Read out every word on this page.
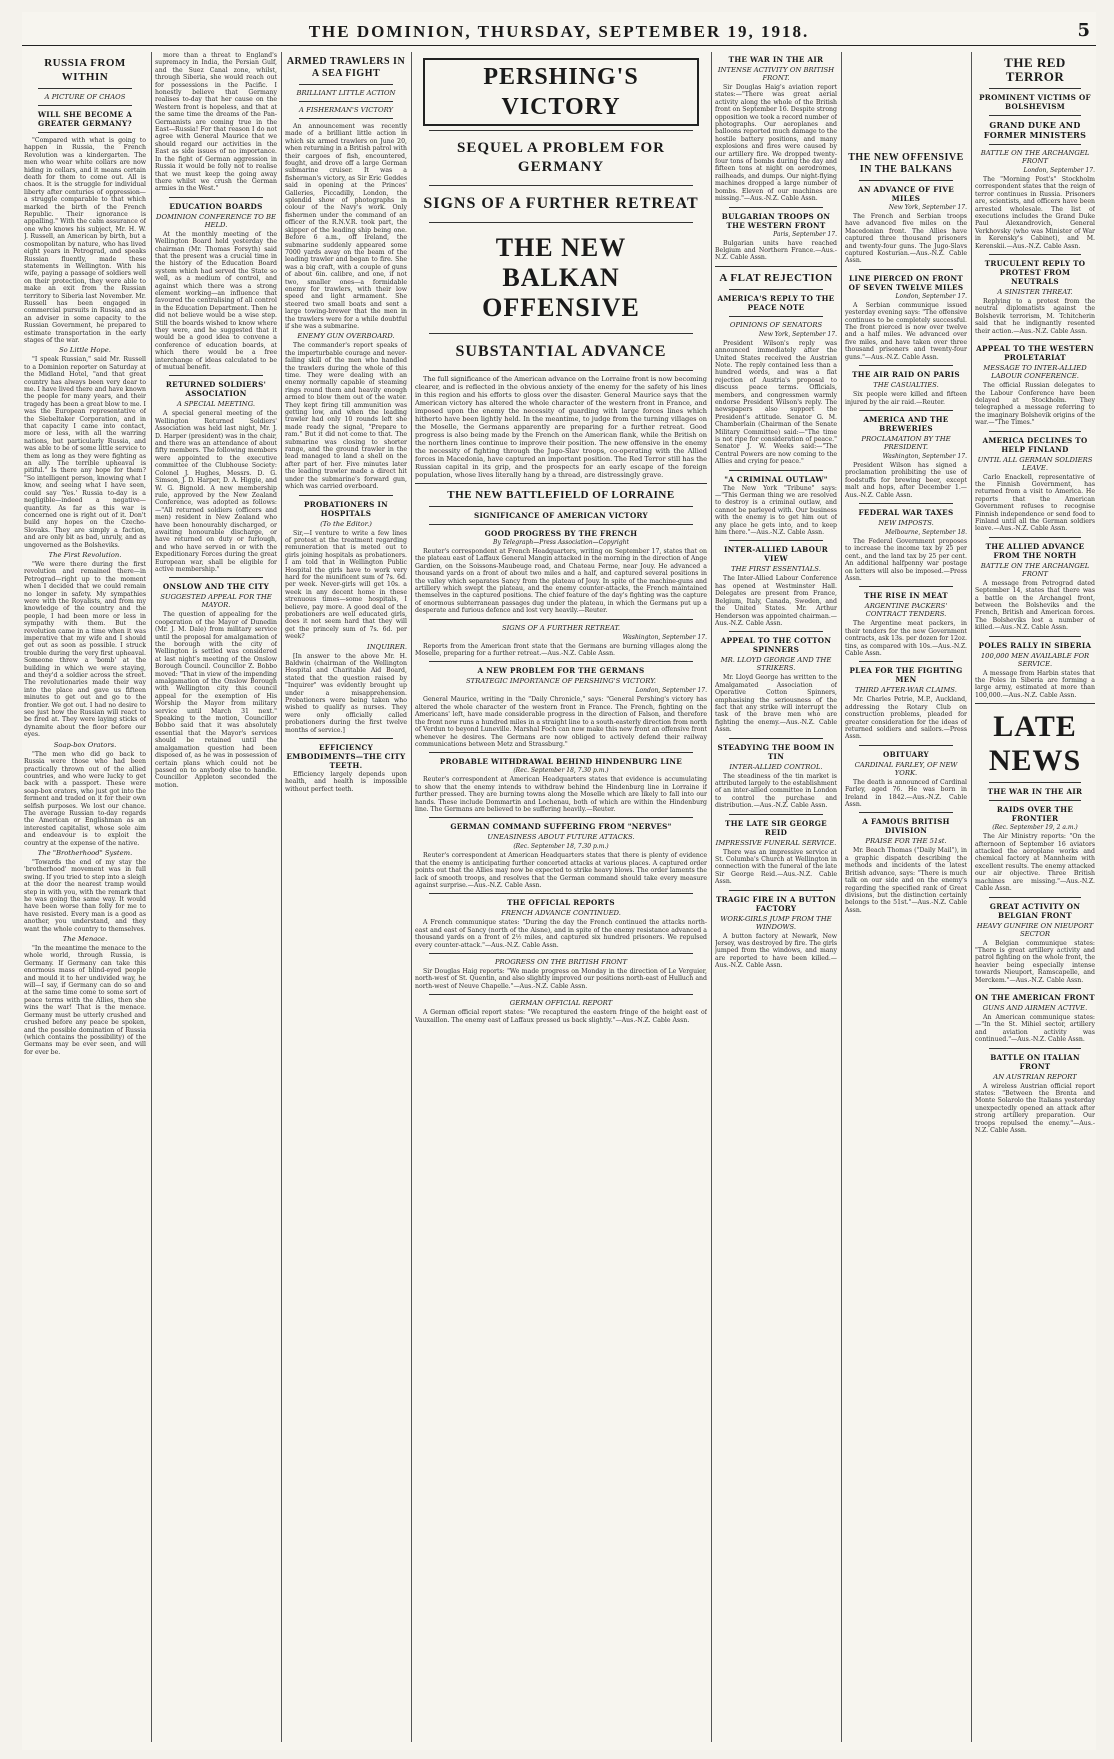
THE DOMINION, THURSDAY, SEPTEMBER 19, 1918.	5
RUSSIA FROM WITHIN
A PICTURE OF CHAOS
WILL SHE BECOME A GREATER GERMANY?

"Compared with what is going to happen in Russia, the French Revolution was a kindergarten. The men who wear white collars are now hiding in cellars, and it means certain death for them to come out. All is chaos. It is the struggle for individual liberty after centuries of oppression—a struggle comparable to that which marked the birth of the French Republic. Their ignorance is appalling." With the calm assurance of one who knows his subject, Mr. H. W. J. Russell, an American by birth, but a cosmopolitan by nature, who has lived eight years in Petrograd, and speaks Russian fluently, made these statements in Wellington. With his wife, paying a passage of soldiers well on their protection, they were able to make an exit from the Russian territory to Siberia last November. Mr. Russell has been engaged in commercial pursuits in Russia, and as an adviser in some capacity to the Russian Government, he prepared to estimate transportation in the early stages of the war.

So Little Hope.

"I speak Russian," said Mr. Russell to a Dominion reporter on Saturday at the Midland Hotel, "and that great country has always been very dear to me. I have lived there and have known the people for many years, and their tragedy has been a great blow to me. I was the European representative of the Siebeltaker Corporation, and in that capacity I came into contact, more or less, with all the warring nations, but particularly Russia, and was able to be of some little service to them as long as they were fighting as an ally. The terrible upheaval is pitiful." Is there any hope for them? "So intelligent person, knowing what I know, and seeing what I have seen, could say 'Yes.' Russia to-day is a negligible—indeed a negative—quantity. As far as this war is concerned one is right out of it. Don't build any hopes on the Czecho-Slovaks. They are simply a faction, and are only bit as bad, unruly, and as ungoverned as the Bolsheviks.

The First Revolution.

"We were there during the first revolution and remained there—in Petrograd—right up to the moment when I decided that we could remain no longer in safety. My sympathies were with the Royalists, and from my knowledge of the country and the people, I had been more or less in sympathy with them. But the revolution came in a time when it was imperative that my wife and I should get out as soon as possible. I struck trouble during the very first upheaval. Someone threw a 'bomb' at the building in which we were staying, and they'd a soldier across the street. The revolutionaries made their way into the place and gave us fifteen minutes to get out and go to the frontier. We got out. I had no desire to see just how the Russian will react to be fired at. They were laying sticks of dynamite about the floor before our eyes.

Soap-box Orators.

"The men who did go back to Russia were those who had been practically thrown out of the allied countries, and who were lucky to get back with a passport. These were soap-box orators, who just got into the ferment and traded on it for their own selfish purposes. We lost our chance. The average Russian to-day regards the American or Englishman as an interested capitalist, whose sole aim and endeavour is to exploit the country at the expense of the native.

The "Brotherhood" System.

"Towards the end of my stay the 'brotherhood' movement was in full swing. If you tried to step into a sleigh at the door the nearest tramp would step in with you, with the remark that he was going the same way. It would have been worse than folly for me to have resisted. Every man is a good as another, you understand, and they want the whole country to themselves.

The Menace.

"In the meantime the menace to the whole world, through Russia, is Germany. If Germany can take this enormous mass of blind-eyed people and mould it to her undivided way, he will—I say, if Germany can do so and at the same time come to some sort of peace terms with the Allies, then she wins the war! That is the menace. Germany must be utterly crushed and crushed before any peace be spoken, and the possible domination of Russia (which contains the possibility) of the Germans may be ever seen, and will for ever be.

more than a threat to England's supremacy in India, the Persian Gulf, and the Suez Canal zone, whilst, through Siberia, she would reach out for possessions in the Pacific. I honestly believe that Germany realises to-day that her cause on the Western front is hopeless, and that at the same time the dreams of the Pan-Germanists are coming true in the East—Russia! For that reason I do not agree with General Maurice that we should regard our activities in the East as side issues of no importance. In the fight of German aggression in Russia it would be folly not to realise that we must keep the going away there whilst we crush the German armies in the West."

EDUCATION BOARDS
DOMINION CONFERENCE TO BE HELD.

At the monthly meeting of the Wellington Board held yesterday the chairman (Mr. Thomas Forsyth) said that the present was a crucial time in the history of the Education Board system which had served the State so well, as a medium of control, and against which there was a strong element working—an influence that favoured the centralising of all control in the Education Department. Then he did not believe would be a wise step. Still the boards wished to know where they were, and he suggested that it would be a good idea to convene a conference of education boards, at which there would be a free interchange of ideas calculated to be of mutual benefit.

RETURNED SOLDIERS' ASSOCIATION
A SPECIAL MEETING.

A special general meeting of the Wellington Returned Soldiers' Association was held last night, Mr. J. D. Harper (president) was in the chair, and there was an attendance of about fifty members. The following members were appointed to the executive committee of the Clubhouse Society: Colonel J. Hughes, Messrs. D. G. Simson, J. D. Harper, D. A. Higgie, and W. G. Bignold. A new membership rule, approved by the New Zealand Conference, was adopted as follows:—"All returned soldiers (officers and men) resident in New Zealand who have been honourably discharged, or awaiting honourable discharge, or have returned on duty or furlough, and who have served in or with the Expeditionary Forces during the great European war, shall be eligible for active membership."

ONSLOW AND THE CITY
SUGGESTED APPEAL FOR THE MAYOR.

The question of appealing for the cooperation of the Mayor of Dunedin (Mr. J. M. Dale) from military service until the proposal for amalgamation of the borough with the city of Wellington is settled was considered at last night's meeting of the Onslow Borough Council. Councillor Z. Bobbo moved: "That in view of the impending amalgamation of the Onslow Borough with Wellington city this council appeal for the exemption of His Worship the Mayor from military service until March 31 next." Speaking to the motion, Councillor Bobbo said that it was absolutely essential that the Mayor's services should be retained until the amalgamation question had been disposed of, as he was in possession of certain plans which could not be passed on to anybody else to handle. Councillor Appleton seconded the motion.

ARMED TRAWLERS IN A SEA FIGHT
BRILLIANT LITTLE ACTION
A FISHERMAN'S VICTORY

An announcement was recently made of a brilliant little action in which six armed trawlers on June 20, when returning in a British patrol with their cargoes of fish, encountered, fought, and drove off a large German submarine cruiser. It was a fisherman's victory, as Sir Eric Geddes said in opening at the Princes' Galleries, Piccadilly, London, the splendid show of photographs in colour of the Navy's work. Only fishermen under the command of an officer of the R.N.V.R. took part, the skipper of the leading ship being one. Before 6 a.m., off Ireland, the submarine suddenly appeared some 7000 yards away on the beam of the leading trawler and began to fire. She was a big craft, with a couple of guns of about 6in. calibre, and one, if not two, smaller ones—a formidable enemy for trawlers, with their low speed and light armament. She steered two small boats and sent a large towing-brewer that the men in the trawlers were for a while doubtful if she was a submarine.

ENEMY GUN OVERBOARD.

The commander's report speaks of the imperturbable courage and never-failing skill of the men who handled the trawlers during the whole of this time. They were dealing with an enemy normally capable of steaming rings round them and heavily enough armed to blow them out of the water. They kept firing till ammunition was getting low, and when the leading trawler had only 10 rounds left she made ready the signal, "Prepare to ram." But it did not come to that. The submarine was closing to shorter range, and the ground trawler in the lead managed to land a shell on the after part of her. Five minutes later the leading trawler made a direct hit under the submarine's forward gun, which was carried overboard.

PROBATIONERS IN HOSPITALS
(To the Editor.)

Sir,—I venture to write a few lines of protest at the treatment regarding remuneration that is meted out to girls joining hospitals as probationers. I am told that in Wellington Public Hospital the girls have to work very hard for the munificent sum of 7s. 6d. per week. Never-girls will get 10s. a week in any decent home in these strenuous times—some hospitals, I believe, pay more. A good deal of the probationers are well educated girls, does it not seem hard that they will get the princely sum of 7s. 6d. per week?

INQUIRER.

[In answer to the above Mr. H. Baldwin (chairman of the Wellington Hospital and Charitable Aid Board, stated that the question raised by "Inquirer" was evidently brought up under a misapprehension. Probationers were being taken who wished to qualify as nurses. They were only officially called probationers during the first twelve months of service.]

EFFICIENCY EMBODIMENTS—THE CITY TEETH.

Efficiency largely depends upon health, and health is impossible without perfect teeth.

PERSHING'S VICTORY
SEQUEL A PROBLEM FOR GERMANY
SIGNS OF A FURTHER RETREAT
THE NEW BALKAN OFFENSIVE
SUBSTANTIAL ADVANCE

The full significance of the American advance on the Lorraine front is now becoming clearer, and is reflected in the obvious anxiety of the enemy for the safety of his lines in this region and his efforts to gloss over the disaster. General Maurice says that the American victory has altered the whole character of the western front in France, and imposed upon the enemy the necessity of guarding with large forces lines which hitherto have been lightly held. In the meantime, to judge from the turning villages on the Moselle, the Germans apparently are preparing for a further retreat. Good progress is also being made by the French on the American flank, while the British on the northern lines continue to improve their position. The new offensive in the enemy the necessity of fighting through the Jugo-Slav troops, co-operating with the Allied forces in Macedonia, have captured an important position. The Red Terror still has the Russian capital in its grip, and the prospects for an early escape of the foreign population, whose lives literally hang by a thread, are distressingly grave.

THE NEW BATTLEFIELD OF LORRAINE
SIGNIFICANCE OF AMERICAN VICTORY
GOOD PROGRESS BY THE FRENCH
By Telegraph—Press Association—Copyright

Reuter's correspondent at French Headquarters, writing on September 17, states that on the plateau east of Laffaux General Mangin attacked in the morning in the direction of Ange Gardien, on the Soissons-Maubeuge road, and Chateau Ferme, near Jouy. He advanced a thousand yards on a front of about two miles and a half, and captured several positions in the valley which separates Sancy from the plateau of Jouy. In spite of the machine-guns and artillery which swept the plateau, and the enemy counter-attacks, the French maintained themselves in the captured positions. The chief feature of the day's fighting was the capture of enormous subterranean passages dug under the plateau, in which the Germans put up a desperate and furious defence and lost very heavily.—Reuter.

SIGNS OF A FURTHER RETREAT.
Washington, September 17.

Reports from the American front state that the Germans are burning villages along the Moselle, preparing for a further retreat.—Aus.-N.Z. Cable Assn.

A NEW PROBLEM FOR THE GERMANS
STRATEGIC IMPORTANCE OF PERSHING'S VICTORY.
London, September 17.

General Maurice, writing in the "Daily Chronicle," says: "General Pershing's victory has altered the whole character of the western front in France. The French, fighting on the Americans' left, have made considerable progress in the direction of Falson, and therefore the front now runs a hundred miles in a straight line to a south-easterly direction from north of Verdun to beyond Luneville. Marshal Foch can now make this new front an offensive front whenever he desires. The Germans are now obliged to actively defend their railway communications between Metz and Strassburg."

PROBABLE WITHDRAWAL BEHIND HINDENBURG LINE
(Rec. September 18, 7.30 p.m.)

Reuter's correspondent at American Headquarters states that evidence is accumulating to show that the enemy intends to withdraw behind the Hindenburg line in Lorraine if further pressed. They are burning towns along the Moselle which are likely to fall into our hands. These include Dommartin and Lochenau, both of which are within the Hindenburg line. The Germans are believed to be suffering heavily.—Reuter.

GERMAN COMMAND SUFFERING FROM "NERVES"
UNEASINESS ABOUT FUTURE ATTACKS.
(Rec. September 18, 7.30 p.m.)

Reuter's correspondent at American Headquarters states that there is plenty of evidence that the enemy is anticipating further concerted attacks at various places. A captured order points out that the Allies may now be expected to strike heavy blows. The order laments the lack of smooth troops, and resolves that the German command should take every measure against surprise.—Aus.-N.Z. Cable Assn.

THE OFFICIAL REPORTS
FRENCH ADVANCE CONTINUED.

A French communique states: "During the day the French continued the attacks north-east and east of Sancy (north of the Aisne), and in spite of the enemy resistance advanced a thousand yards on a front of 2½ miles, and captured six hundred prisoners. We repulsed every counter-attack."—Aus.-N.Z. Cable Assn.

PROGRESS ON THE BRITISH FRONT

Sir Douglas Haig reports: "We made progress on Monday in the direction of Le Verguier, north-west of St. Quentin, and also slightly improved our positions north-east of Hulluch and north-west of Neuve Chapelle."—Aus.-N.Z. Cable Assn.

GERMAN OFFICIAL REPORT

A German official report states: "We recaptured the eastern fringe of the height east of Vauxaillon. The enemy east of Laffaux pressed us back slightly."—Aus.-N.Z. Cable Assn.

THE WAR IN THE AIR
INTENSE ACTIVITY ON BRITISH FRONT.

Sir Douglas Haig's aviation report states:—"There was great aerial activity along the whole of the British front on September 16. Despite strong opposition we took a record number of photographs. Our aeroplanes and balloons reported much damage to the hostile battery positions, and many explosions and fires were caused by our artillery fire. We dropped twenty-four tons of bombs during the day and fifteen tons at night on aerodromes, railheads, and dumps. Our night-flying machines dropped a large number of bombs. Eleven of our machines are missing."—Aus.-N.Z. Cable Assn.

BULGARIAN TROOPS ON THE WESTERN FRONT
Paris, September 17.

Bulgarian units have reached Belgium and Northern France.—Aus.-N.Z. Cable Assn.

A FLAT REJECTION
AMERICA'S REPLY TO THE PEACE NOTE
OPINIONS OF SENATORS
New York, September 17.

President Wilson's reply was announced immediately after the United States received the Austrian Note. The reply contained less than a hundred words, and was a flat rejection of Austria's proposal to discuss peace terms. Officials, members, and congressmen warmly endorse President Wilson's reply. The newspapers also support the President's attitude. Senator G. M. Chamberlain (Chairman of the Senate Military Committee) said:—"The time is not ripe for consideration of peace." Senator J. W. Weeks said:—"The Central Powers are now coming to the Allies and crying for peace."

"A CRIMINAL OUTLAW"

The New York "Tribune" says:—"This German thing we are resolved to destroy is a criminal outlaw, and cannot be parleyed with. Our business with the enemy is to get him out of any place he gets into, and to keep him there."—Aus.-N.Z. Cable Assn.

INTER-ALLIED LABOUR VIEW
THE FIRST ESSENTIALS.

The Inter-Allied Labour Conference has opened at Westminster Hall. Delegates are present from France, Belgium, Italy, Canada, Sweden, and the United States. Mr. Arthur Henderson was appointed chairman.—Aus.-N.Z. Cable Assn.

APPEAL TO THE COTTON SPINNERS
MR. LLOYD GEORGE AND THE STRIKERS.

Mr. Lloyd George has written to the Amalgamated Association of Operative Cotton Spinners, emphasising the seriousness of the fact that any strike will interrupt the task of the brave men who are fighting the enemy.—Aus.-N.Z. Cable Assn.

STEADYING THE BOOM IN TIN
INTER-ALLIED CONTROL.

The steadiness of the tin market is attributed largely to the establishment of an inter-allied committee in London to control the purchase and distribution.—Aus.-N.Z. Cable Assn.

THE LATE SIR GEORGE REID
IMPRESSIVE FUNERAL SERVICE.

There was an impressive service at St. Columba's Church at Wellington in connection with the funeral of the late Sir George Reid.—Aus.-N.Z. Cable Assn.

TRAGIC FIRE IN A BUTTON FACTORY
WORK-GIRLS JUMP FROM THE WINDOWS.

A button factory at Newark, New Jersey, was destroyed by fire. The girls jumped from the windows, and many are reported to have been killed.—Aus.-N.Z. Cable Assn.

THE NEW OFFENSIVE IN THE BALKANS
AN ADVANCE OF FIVE MILES
New York, September 17.

The French and Serbian troops have advanced five miles on the Macedonian front. The Allies have captured three thousand prisoners and twenty-four guns. The Jugo-Slavs captured Kosturian.—Aus.-N.Z. Cable Assn.

LINE PIERCED ON FRONT OF SEVEN TWELVE MILES
London, September 17.

A Serbian communique issued yesterday evening says: "The offensive continues to be completely successful. The front pierced is now over twelve and a half miles. We advanced over five miles, and have taken over three thousand prisoners and twenty-four guns."—Aus.-N.Z. Cable Assn.

THE AIR RAID ON PARIS
THE CASUALTIES.

Six people were killed and fifteen injured by the air raid.—Reuter.

AMERICA AND THE BREWERIES
PROCLAMATION BY THE PRESIDENT.
Washington, September 17.

President Wilson has signed a proclamation prohibiting the use of foodstuffs for brewing beer, except malt and hops, after December 1.—Aus.-N.Z. Cable Assn.

FEDERAL WAR TAXES
NEW IMPOSTS.
Melbourne, September 18.

The Federal Government proposes to increase the income tax by 25 per cent., and the land tax by 25 per cent. An additional halfpenny war postage on letters will also be imposed.—Press Assn.

THE RISE IN MEAT
ARGENTINE PACKERS' CONTRACT TENDERS.

The Argentine meat packers, in their tenders for the new Government contracts, ask 13s. per dozen for 12oz. tins, as compared with 10s.—Aus.-N.Z. Cable Assn.

PLEA FOR THE FIGHTING MEN
THIRD AFTER-WAR CLAIMS.

Mr. Charles Petrie, M.P., Auckland, addressing the Rotary Club on construction problems, pleaded for greater consideration for the ideas of returned soldiers and sailors.—Press Assn.

OBITUARY
CARDINAL FARLEY, OF NEW YORK.

The death is announced of Cardinal Farley, aged 76. He was born in Ireland in 1842.—Aus.-N.Z. Cable Assn.

A FAMOUS BRITISH DIVISION
PRAISE FOR THE 51st.

Mr. Beach Thomas ("Daily Mail"), in a graphic dispatch describing the methods and incidents of the latest British advance, says: "There is much talk on our side and on the enemy's regarding the specified rank of Great divisions, but the distinction certainly belongs to the 51st."—Aus.-N.Z. Cable Assn.

THE RED TERROR
PROMINENT VICTIMS OF BOLSHEVISM
GRAND DUKE AND FORMER MINISTERS
BATTLE ON THE ARCHANGEL FRONT
London, September 17.

The "Morning Post's" Stockholm correspondent states that the reign of terror continues in Russia. Prisoners are, scientists, and officers have been arrested wholesale. The list of executions includes the Grand Duke Paul Alexandrovich, General Verkhovsky (who was Minister of War in Kerensky's Cabinet), and M. Kerenskii.—Aus.-N.Z. Cable Assn.

TRUCULENT REPLY TO PROTEST FROM NEUTRALS
A SINISTER THREAT.

Replying to a protest from the neutral diplomatists against the Bolshevik terrorism, M. Tchitcherin said that he indignantly resented their action.—Aus.-N.Z. Cable Assn.

APPEAL TO THE WESTERN PROLETARIAT
MESSAGE TO INTER-ALLIED LABOUR CONFERENCE.

The official Russian delegates to the Labour Conference have been delayed at Stockholm. They telegraphed a message referring to the imaginary Bolshevik origins of the war.—"The Times."

AMERICA DECLINES TO HELP FINLAND
UNTIL ALL GERMAN SOLDIERS LEAVE.

Carlo Enackell, representative of the Finnish Government, has returned from a visit to America. He reports that the American Government refuses to recognise Finnish independence or send food to Finland until all the German soldiers leave.—Aus.-N.Z. Cable Assn.

THE ALLIED ADVANCE FROM THE NORTH
BATTLE ON THE ARCHANGEL FRONT

A message from Petrograd dated September 14, states that there was a battle on the Archangel front, between the Bolsheviks and the French, British and American forces. The Bolsheviks lost a number of killed.—Aus.-N.Z. Cable Assn.

POLES RALLY IN SIBERIA
100,000 MEN AVAILABLE FOR SERVICE.

A message from Harbin states that the Poles in Siberia are forming a large army, estimated at more than 100,000.—Aus.-N.Z. Cable Assn.

LATE NEWS
THE WAR IN THE AIR
RAIDS OVER THE FRONTIER
(Rec. September 19, 2 a.m.)

The Air Ministry reports: "On the afternoon of September 16 aviators attacked the aeroplane works and chemical factory at Mannheim with excellent results. The enemy attacked our air objective. Three British machines are missing."—Aus.-N.Z. Cable Assn.

GREAT ACTIVITY ON BELGIAN FRONT
HEAVY GUNFIRE ON NIEUPORT SECTOR

A Belgian communique states: "There is great artillery activity and patrol fighting on the whole front, the heavier being especially intense towards Nieuport, Ramscapelle, and Merckem."—Aus.-N.Z. Cable Assn.

ON THE AMERICAN FRONT
GUNS AND AIRMEN ACTIVE.

An American communique states:—"In the St. Mihiel sector, artillery and aviation activity was continued."—Aus.-N.Z. Cable Assn.

BATTLE ON ITALIAN FRONT
AN AUSTRIAN REPORT

A wireless Austrian official report states: "Between the Brenta and Monte Solarolo the Italians yesterday unexpectedly opened an attack after strong artillery preparation. Our troops repulsed the enemy."—Aus.-N.Z. Cable Assn.
